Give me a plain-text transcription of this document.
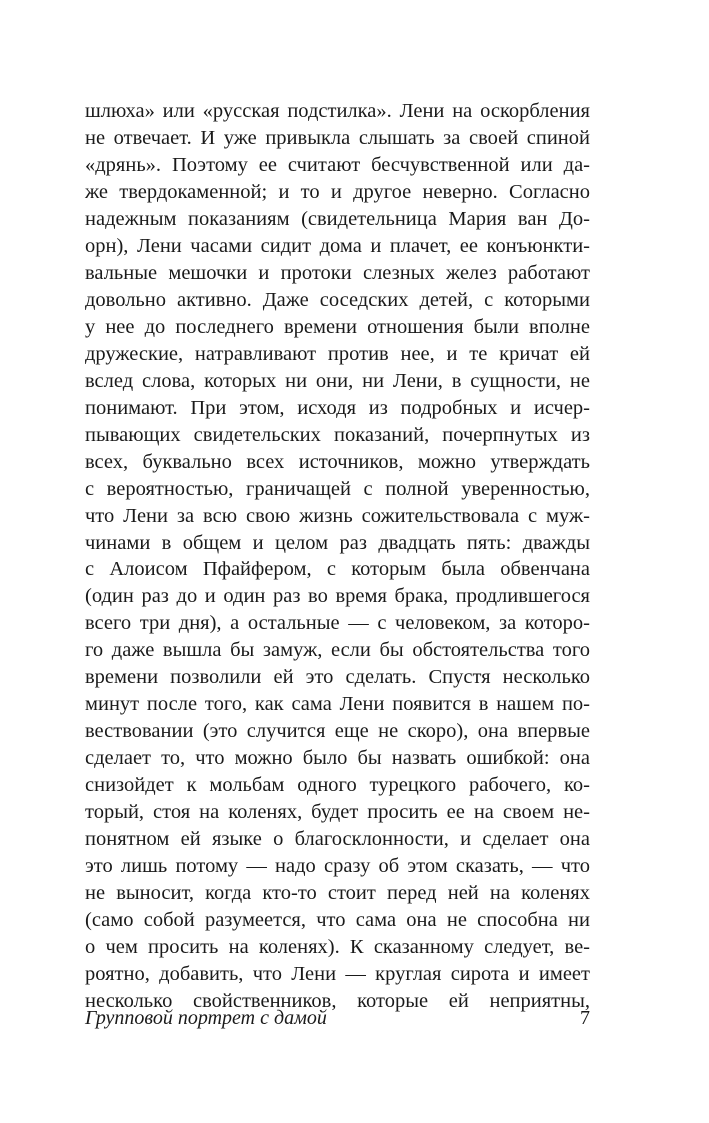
шлюха» или «русская подстилка». Лени на оскорбления
не отвечает. И уже привыкла слышать за своей спиной
«дрянь». Поэтому ее считают бесчувственной или да-
же твердокаменной; и то и другое неверно. Согласно
надежным показаниям (свидетельница Мария ван До-
орн), Лени часами сидит дома и плачет, ее конъюнкти-
вальные мешочки и протоки слезных желез работают
довольно активно. Даже соседских детей, с которыми
у нее до последнего времени отношения были вполне
дружеские, натравливают против нее, и те кричат ей
вслед слова, которых ни они, ни Лени, в сущности, не
понимают. При этом, исходя из подробных и исчер-
пывающих свидетельских показаний, почерпнутых из
всех, буквально всех источников, можно утверждать
с вероятностью, граничащей с полной уверенностью,
что Лени за всю свою жизнь сожительствовала с муж-
чинами в общем и целом раз двадцать пять: дважды
с Алоисом Пфайфером, с которым была обвенчана
(один раз до и один раз во время брака, продлившегося
всего три дня), а остальные — с человеком, за которо-
го даже вышла бы замуж, если бы обстоятельства того
времени позволили ей это сделать. Спустя несколько
минут после того, как сама Лени появится в нашем по-
вествовании (это случится еще не скоро), она впервые
сделает то, что можно было бы назвать ошибкой: она
снизойдет к мольбам одного турецкого рабочего, ко-
торый, стоя на коленях, будет просить ее на своем не-
понятном ей языке о благосклонности, и сделает она
это лишь потому — надо сразу об этом сказать, — что
не выносит, когда кто-то стоит перед ней на коленях
(само собой разумеется, что сама она не способна ни
о чем просить на коленях). К сказанному следует, ве-
роятно, добавить, что Лени — круглая сирота и имеет
несколько свойственников, которые ей неприятны,
Групповой портрет с дамой	7
